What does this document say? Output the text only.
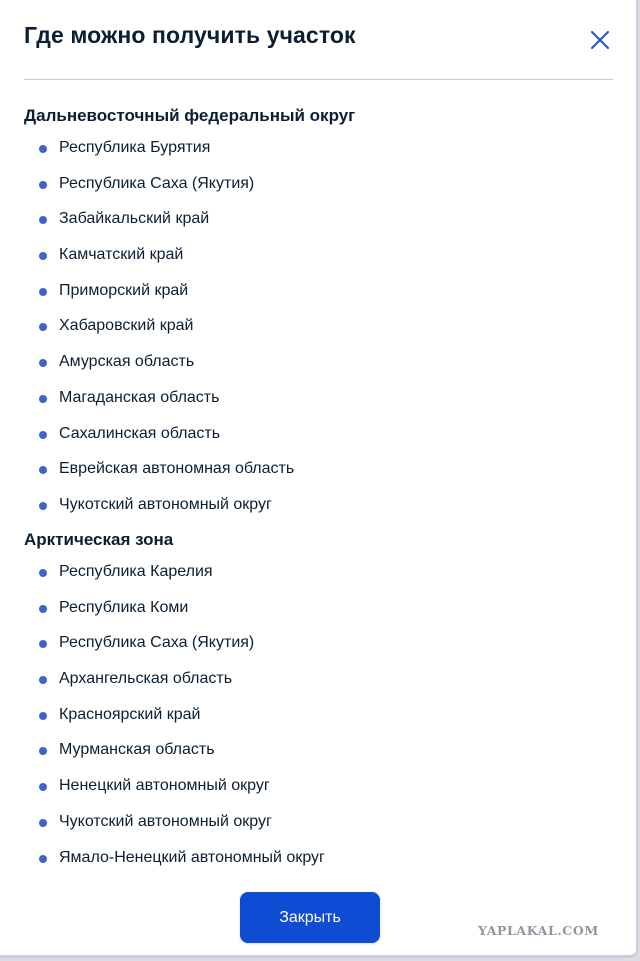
Где можно получить участок
Дальневосточный федеральный округ
Республика Бурятия
Республика Саха (Якутия)
Забайкальский край
Камчатский край
Приморский край
Хабаровский край
Амурская область
Магаданская область
Сахалинская область
Еврейская автономная область
Чукотский автономный округ
Арктическая зона
Республика Карелия
Республика Коми
Республика Саха (Якутия)
Архангельская область
Красноярский край
Мурманская область
Ненецкий автономный округ
Чукотский автономный округ
Ямало-Ненецкий автономный округ
Закрыть
YAPLAKAL.COM
